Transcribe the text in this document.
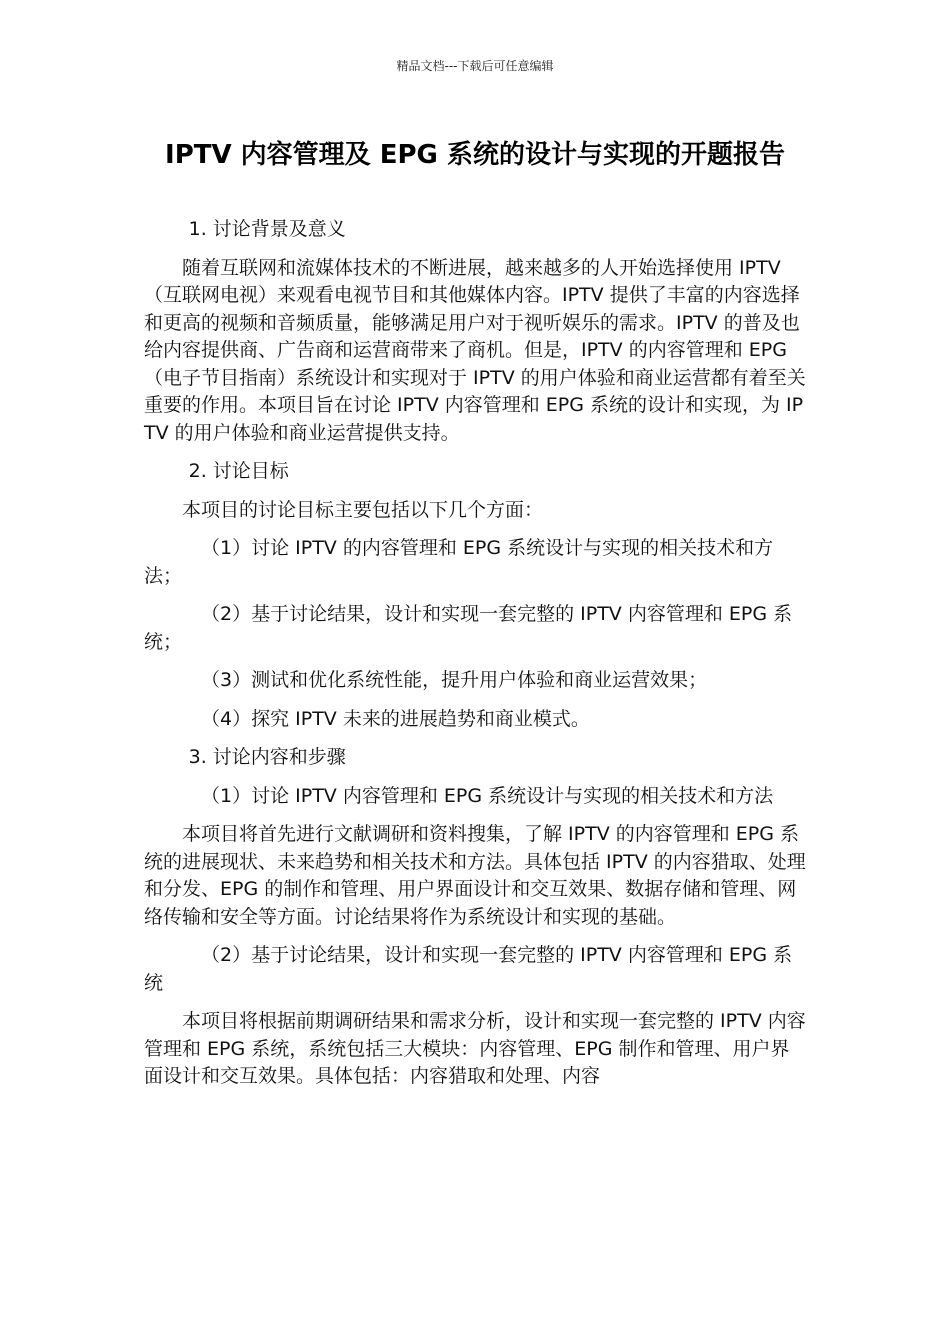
精品文档---下载后可任意编辑
IPTV 内容管理及 EPG 系统的设计与实现的开题报告

1. 讨论背景及意义

随着互联网和流媒体技术的不断进展，越来越多的人开始选择使用 IPTV（互联网电视）来观看电视节目和其他媒体内容。IPTV 提供了丰富的内容选择和更高的视频和音频质量，能够满足用户对于视听娱乐的需求。IPTV 的普及也给内容提供商、广告商和运营商带来了商机。但是，IPTV 的内容管理和 EPG（电子节目指南）系统设计和实现对于 IPTV 的用户体验和商业运营都有着至关重要的作用。本项目旨在讨论 IPTV 内容管理和 EPG 系统的设计和实现，为 IPTV 的用户体验和商业运营提供支持。

2. 讨论目标

本项目的讨论目标主要包括以下几个方面：

（1）讨论 IPTV 的内容管理和 EPG 系统设计与实现的相关技术和方法；

（2）基于讨论结果，设计和实现一套完整的 IPTV 内容管理和 EPG 系统；

（3）测试和优化系统性能，提升用户体验和商业运营效果；

（4）探究 IPTV 未来的进展趋势和商业模式。

3. 讨论内容和步骤

（1）讨论 IPTV 内容管理和 EPG 系统设计与实现的相关技术和方法

本项目将首先进行文献调研和资料搜集，了解 IPTV 的内容管理和 EPG 系统的进展现状、未来趋势和相关技术和方法。具体包括 IPTV 的内容猎取、处理和分发、EPG 的制作和管理、用户界面设计和交互效果、数据存储和管理、网络传输和安全等方面。讨论结果将作为系统设计和实现的基础。

（2）基于讨论结果，设计和实现一套完整的 IPTV 内容管理和 EPG 系统

本项目将根据前期调研结果和需求分析，设计和实现一套完整的 IPTV 内容管理和 EPG 系统，系统包括三大模块：内容管理、EPG 制作和管理、用户界面设计和交互效果。具体包括：内容猎取和处理、内容
